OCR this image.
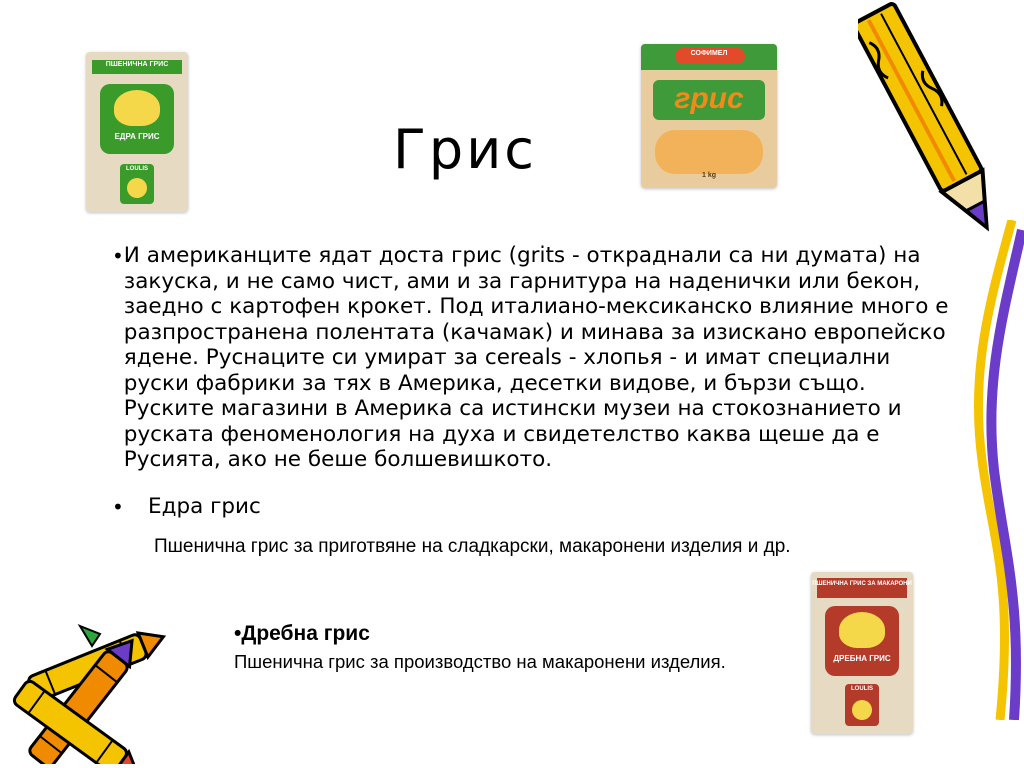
Грис
• И американците ядат доста грис (grits - откраднали са ни думата) на закуска, и не само чист, ами и за гарнитура на наденички или бекон, заедно с картофен крокет. Под италиано-мексиканско влияние много е разпространена полентата (качамак) и минава за изискано европейско ядене. Руснаците си умират за cereals - хлопья - и имат специални руски фабрики за тях в Америка, десетки видове, и бързи също. Руските магазини в Америка са истински музеи на стокознанието и руската феноменология на духа и свидетелство каква щеше да е Русията, ако не беше болшевишкото.
•	Едра грис
Пшенична грис за приготвяне на сладкарски, макаронени изделия и др.
•Дребна грис
Пшенична грис за производство на макаронени изделия.
ПШЕНИЧНА ГРИС
ЕДРА ГРИС
LOULIS
СОФИМЕЛ
грис
1 kg
ПШЕНИЧНА ГРИС ЗА МАКАРОНИ
ДРЕБНА ГРИС
LOULIS
